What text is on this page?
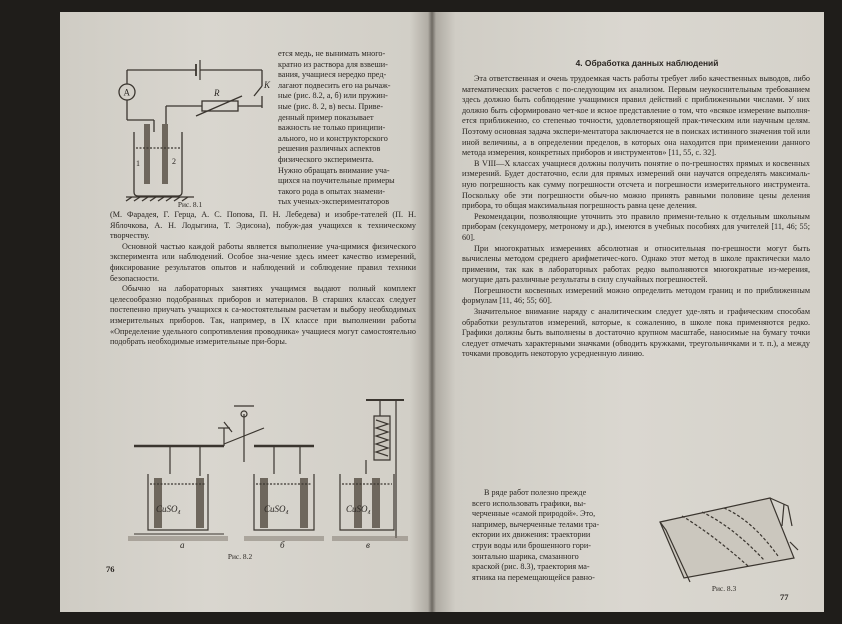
A	R
K
1	2
Рис. 8.1
ется медь, не вынимать много-
кратно из раствора для взвеши-
вания, учащиеся нередко пред-
лагают подвесить его на рычаж-
ные (рис. 8.2, а, б) или пружин-
ные (рис. 8. 2, в) весы. Приве-
денный пример показывает
важность не только принципи-
ального, но и конструкторского
решения различных аспектов
физического эксперимента.
Нужно обращать внимание уча-
щихся на поучительные примеры
такого рода в опытах знамени-
тых ученых-экспериментаторов

(М. Фарадея, Г. Герца, А. С. Попова, П. Н. Лебедева) и изобре-тателей (П. Н. Яблочкова, А. Н. Лодыгина, Т. Эдисона), побуж-дая учащихся к техническому творчеству.

Основной частью каждой работы является выполнение уча-щимися физического эксперимента или наблюдений. Особое зна-чение здесь имеет качество измерений, фиксирование результатов опытов и наблюдений и соблюдение правил техники безопасности.

Обычно на лабораторных занятиях учащимся выдают полный комплект целесообразно подобранных приборов и материалов. В старших классах следует постепенно приучать учащихся к са-мостоятельным расчетам и выбору необходимых измерительных приборов. Так, например, в IX классе при выполнении работы «Определение удельного сопротивления проводника» учащиеся могут самостоятельно подобрать необходимые измерительные при-боры.

CuSO₄	CuSO₄	CuSO₄
а	б	в
Рис. 8.2
76
4. Обработка данных наблюдений

Эта ответственная и очень трудоемкая часть работы требует либо качественных выводов, либо математических расчетов с по-следующим их анализом. Первым неукоснительным требованием здесь должно быть соблюдение учащимися правил действий с приближенными числами. У них должно быть сформировано чет-кое и ясное представление о том, что «всякое измерение выполня-ется приближенно, со степенью точности, удовлетворяющей прак-тическим или научным целям. Поэтому основная задача экспери-ментатора заключается не в поисках истинного значения той или иной величины, а в определении пределов, в которых она находится при применении данного метода измерения, конкретных приборов и инструментов» [11, 55, с. 32].

В VIII—X классах учащиеся должны получить понятие о по-грешностях прямых и косвенных измерений. Будет достаточно, если для прямых измерений они научатся определять максималь-ную погрешность как сумму погрешности отсчета и погрешности измерительного инструмента. Поскольку обе эти погрешности обыч-но можно принять равными половине цены деления прибора, то общая максимальная погрешность равна цене деления.

Рекомендации, позволяющие уточнить это правило примени-тельно к отдельным школьным приборам (секундомеру, метроному и др.), имеются в учебных пособиях для учителей [11, 46; 55; 60].

При многократных измерениях абсолютная и относительная по-грешности могут быть вычислены методом среднего арифметичес-кого. Однако этот метод в школе практически мало применим, так как в лабораторных работах редко выполняются многократные из-мерения, могущие дать различные результаты в силу случайных погрешностей.

Погрешности косвенных измерений можно определить методом границ и по приближенным формулам [11, 46; 55; 60].

Значительное внимание наряду с аналитическим следует уде-лять и графическим способам обработки результатов измерений, которые, к сожалению, в школе пока применяются редко. Графики должны быть выполнены в достаточно крупном масштабе, наносимые на бумагу точки следует отмечать характерными значками (обводить кружками, треугольничками и т. п.), а между точками проводить некоторую усредненную линию.

В ряде работ полезно прежде
всего использовать графики, вы-
черченные «самой природой». Это,
например, вычерченные телами тра-
ектории их движения: траектории
струи воды или брошенного гори-
зонтально шарика, смазанного
краской (рис. 8.3), траектория ма-
ятника на перемещающейся равно-
Рис. 8.3
77
